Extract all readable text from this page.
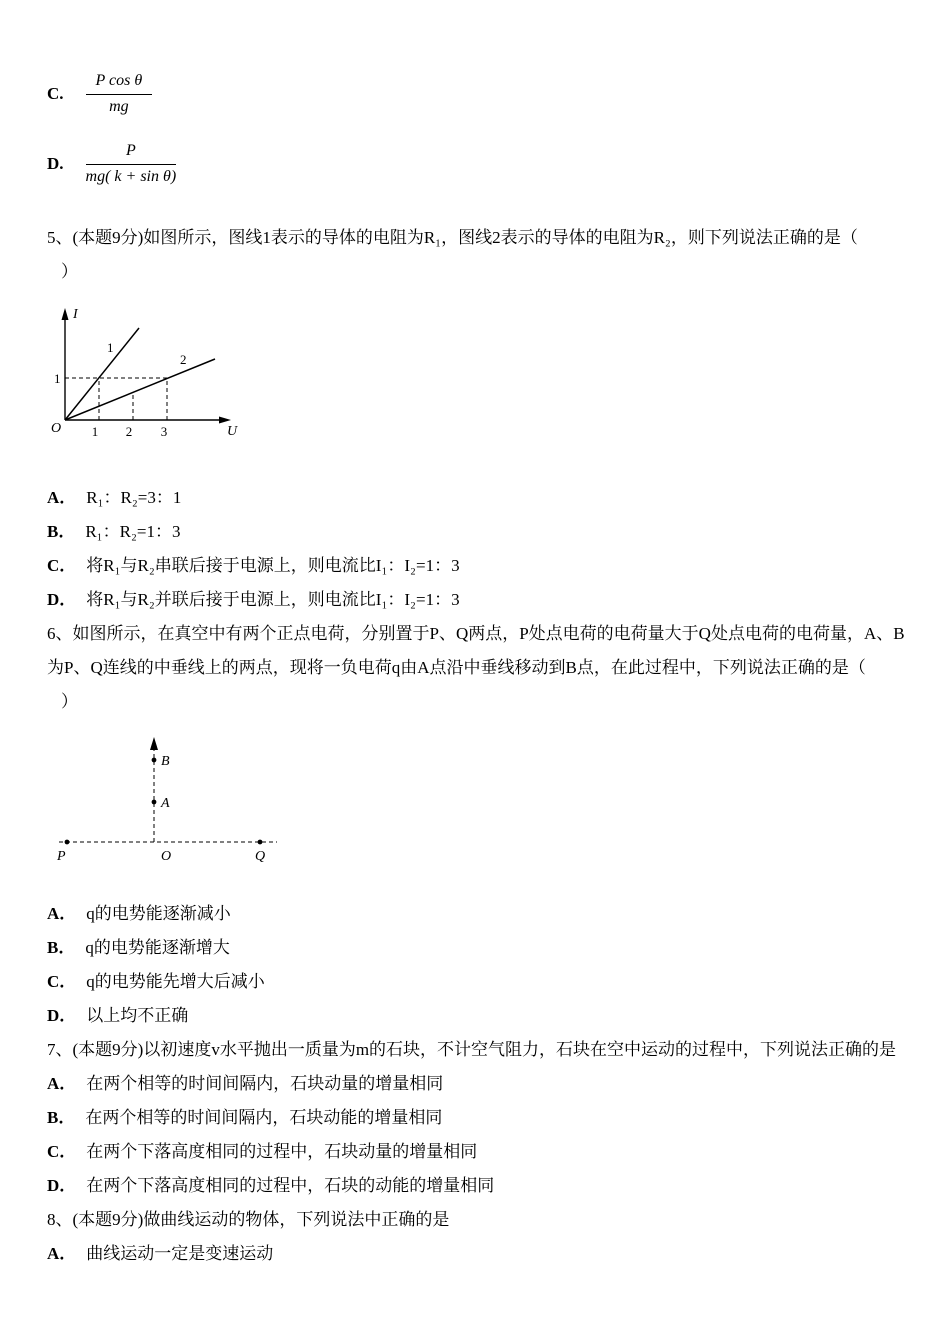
C. $\frac{\text{P cos θ}}{mg}$
D. $\frac{P}{\text{mg( k + sin θ)}}$

5、(本题9分)如图所示，图线1表示的导体的电阻为R₁，图线2表示的导体的电阻为R₂，则下列说法正确的是（

）

I
U
O 1 2 3
1
1
2

A． R₁：R₂=3：1

B． R₁：R₂=1：3

C． 将R₁与R₂串联后接于电源上，则电流比I₁：I₂=1：3

D． 将R₁与R₂并联后接于电源上，则电流比I₁：I₂=1：3

6、如图所示，在真空中有两个正点电荷，分别置于P、Q两点，P处点电荷的电荷量大于Q处点电荷的电荷量，A、B

为P、Q连线的中垂线上的两点，现将一负电荷q由A点沿中垂线移动到B点，在此过程中，下列说法正确的是（

）

P	O	Q
B
A

A． q的电势能逐渐减小

B． q的电势能逐渐增大

C． q的电势能先增大后减小

D． 以上均不正确

7、(本题9分)以初速度v水平抛出一质量为m的石块，不计空气阻力，石块在空中运动的过程中，下列说法正确的是

A． 在两个相等的时间间隔内，石块动量的增量相同

B． 在两个相等的时间间隔内，石块动能的增量相同

C． 在两个下落高度相同的过程中，石块动量的增量相同

D． 在两个下落高度相同的过程中，石块的动能的增量相同

8、(本题9分)做曲线运动的物体，下列说法中正确的是

A． 曲线运动一定是变速运动
